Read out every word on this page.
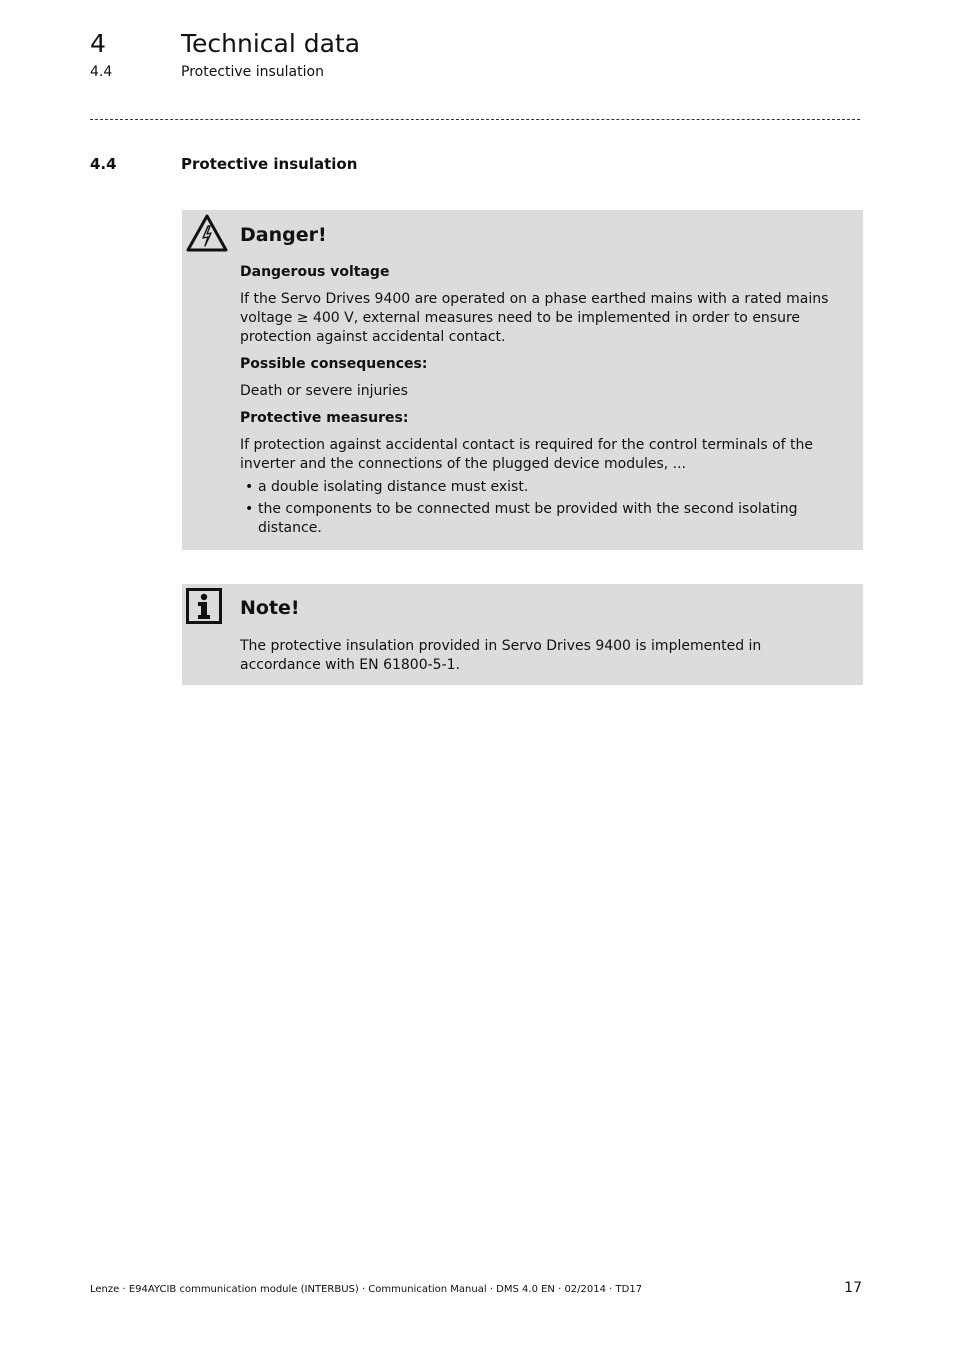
4	Technical data
4.4	Protective insulation
4.4	Protective insulation
Danger!

Dangerous voltage

If the Servo Drives 9400 are operated on a phase earthed mains with a rated mains voltage ≥ 400 V, external measures need to be implemented in order to ensure protection against accidental contact.

Possible consequences:

Death or severe injuries

Protective measures:

If protection against accidental contact is required for the control terminals of the inverter and the connections of the plugged device modules, ...

• a double isolating distance must exist.
• the components to be connected must be provided with the second isolating distance.
Note!

The protective insulation provided in Servo Drives 9400 is implemented in accordance with EN 61800-5-1.

Lenze · E94AYCIB communication module (INTERBUS) · Communication Manual · DMS 4.0 EN · 02/2014 · TD17	17
